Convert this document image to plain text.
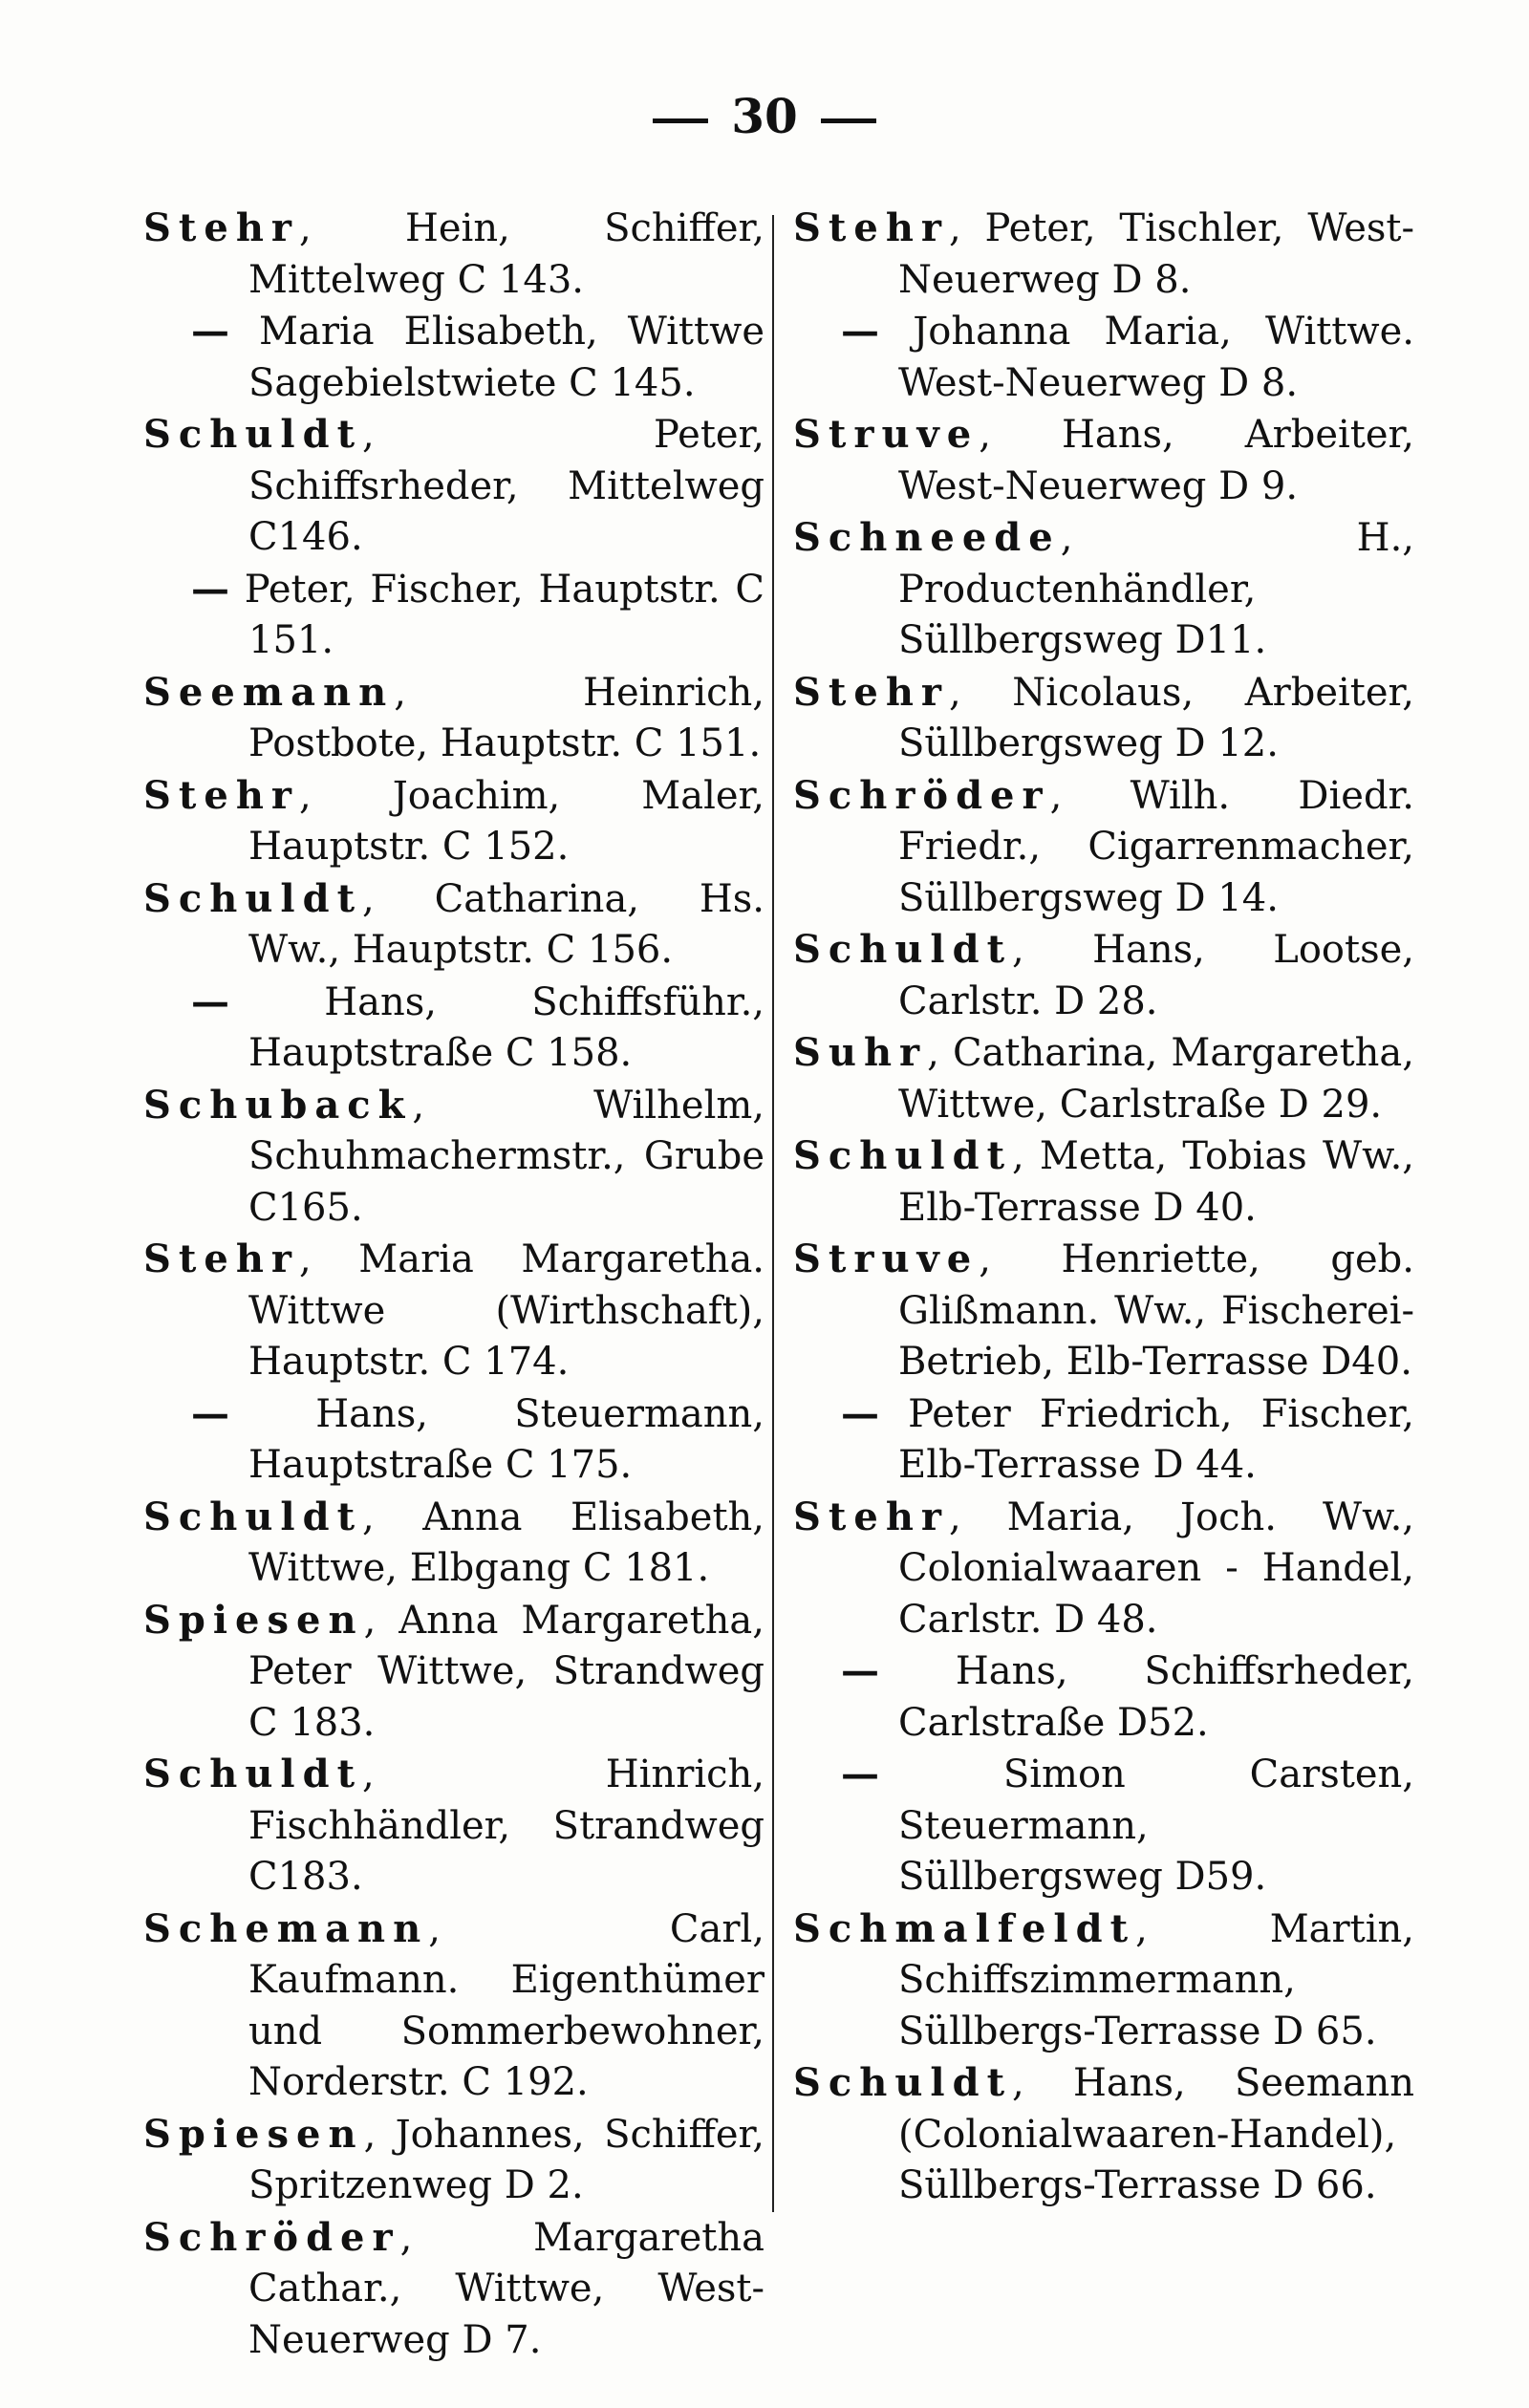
30
Stehr, Hein, Schiffer, Mittelweg C 143.
— Maria Elisabeth, Wittwe Sagebielstwiete C 145.
Schuldt, Peter, Schiffsrheder, Mittelweg C146.
— Peter, Fischer, Hauptstr. C 151.
Seemann, Heinrich, Postbote, Hauptstr. C 151.
Stehr, Joachim, Maler, Hauptstr. C 152.
Schuldt, Catharina, Hs. Ww., Hauptstr. C 156.
— Hans, Schiffsführ., Hauptstraße C 158.
Schuback, Wilhelm, Schuhmachermstr., Grube C165.
Stehr, Maria Margaretha. Wittwe (Wirthschaft), Hauptstr. C 174.
— Hans, Steuermann, Hauptstraße C 175.
Schuldt, Anna Elisabeth, Wittwe, Elbgang C 181.
Spiesen, Anna Margaretha, Peter Wittwe, Strandweg C 183.
Schuldt, Hinrich, Fischhändler, Strandweg C183.
Schemann, Carl, Kaufmann. Eigenthümer und Sommerbewohner, Norderstr. C 192.
Spiesen, Johannes, Schiffer, Spritzenweg D 2.
Schröder, Margaretha Cathar., Wittwe, West-Neuerweg D 7.
Stehr, Peter, Tischler, West-Neuerweg D 8.
— Johanna Maria, Wittwe. West-Neuerweg D 8.
Struve, Hans, Arbeiter, West-Neuerweg D 9.
Schneede, H., Productenhändler, Süllbergsweg D11.
Stehr, Nicolaus, Arbeiter, Süllbergsweg D 12.
Schröder, Wilh. Diedr. Friedr., Cigarrenmacher, Süllbergsweg D 14.
Schuldt, Hans, Lootse, Carlstr. D 28.
Suhr, Catharina, Margaretha, Wittwe, Carlstraße D 29.
Schuldt, Metta, Tobias Ww., Elb-Terrasse D 40.
Struve, Henriette, geb. Glißmann. Ww., Fischerei-Betrieb, Elb-Terrasse D40.
— Peter Friedrich, Fischer, Elb-Terrasse D 44.
Stehr, Maria, Joch. Ww., Colonialwaaren - Handel, Carlstr. D 48.
— Hans, Schiffsrheder, Carlstraße D52.
— Simon Carsten, Steuermann, Süllbergsweg D59.
Schmalfeldt, Martin, Schiffszimmermann, Süllbergs-Terrasse D 65.
Schuldt, Hans, Seemann (Colonialwaaren-Handel), Süllbergs-Terrasse D 66.
